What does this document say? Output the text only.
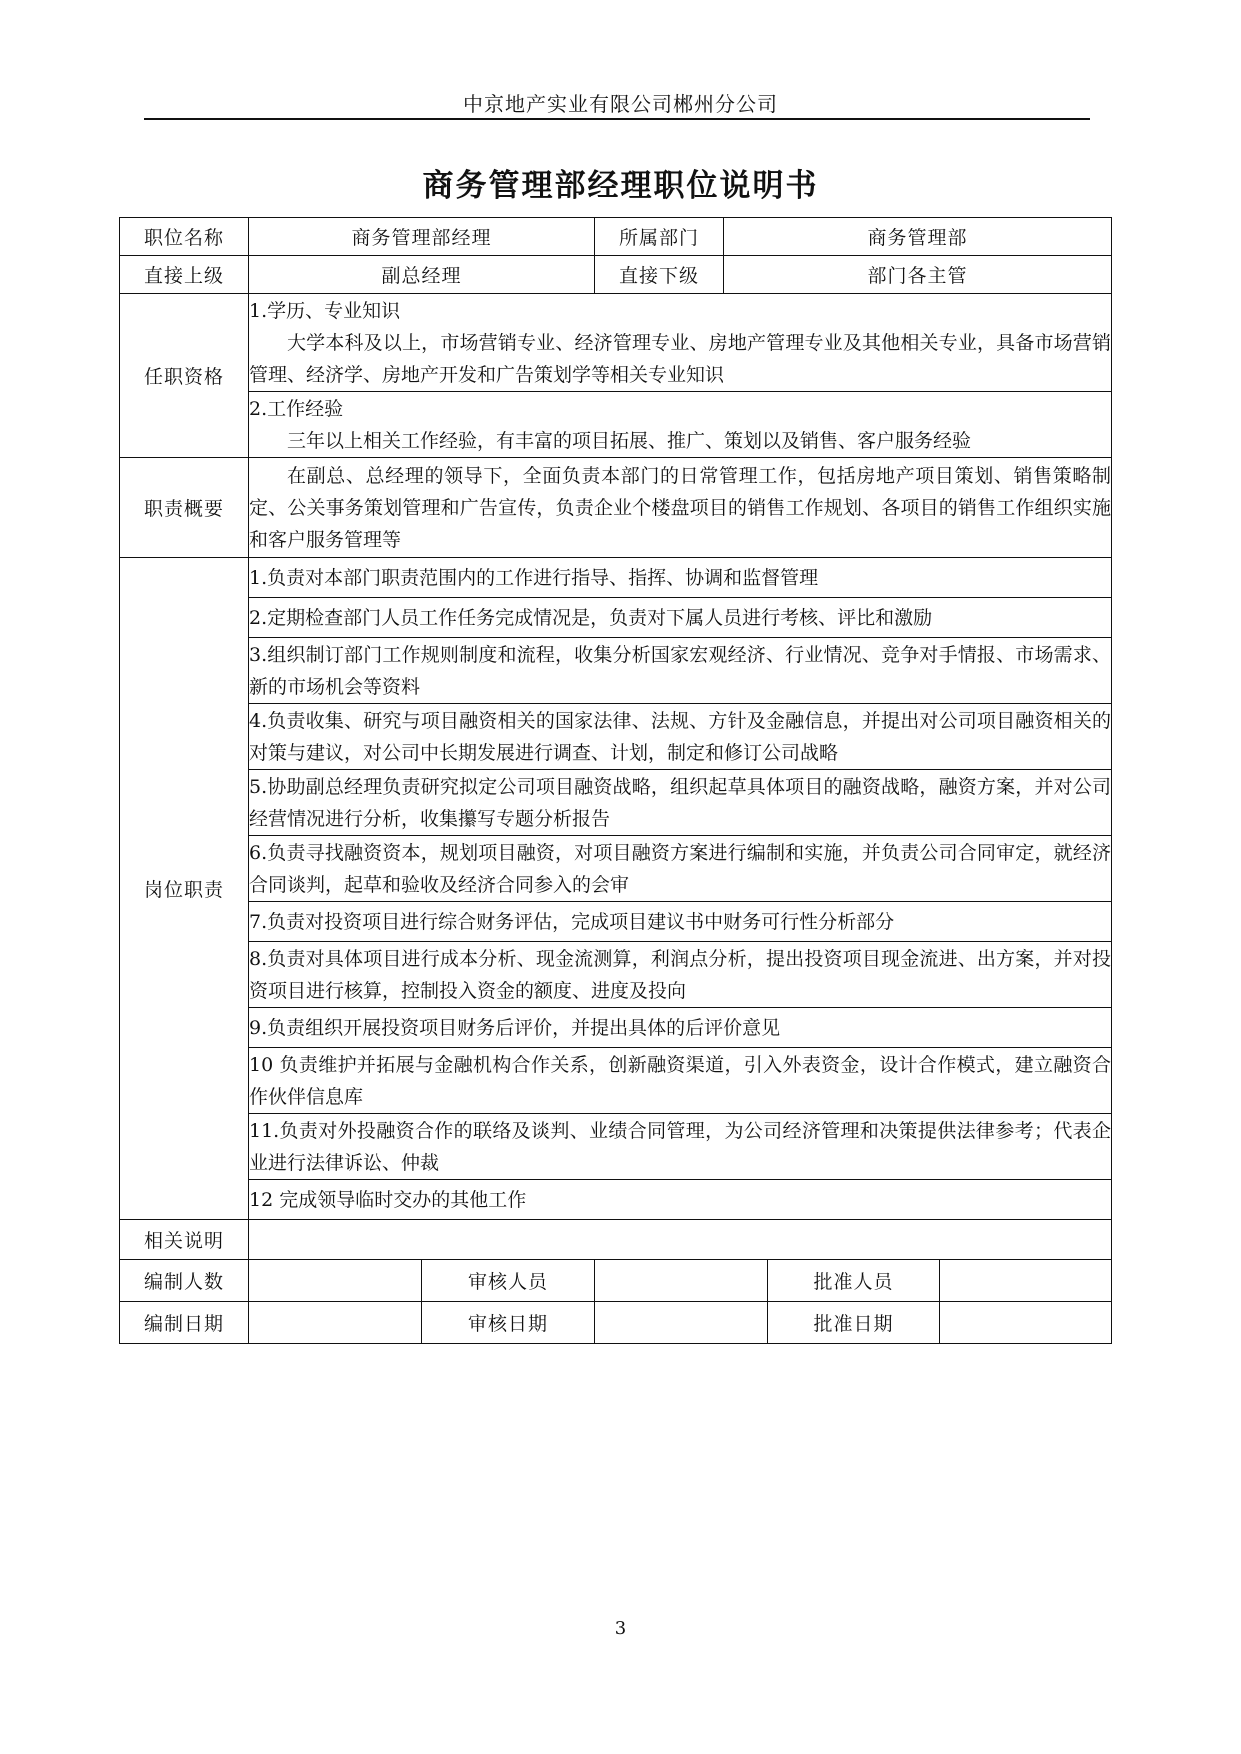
中京地产实业有限公司郴州分公司
商务管理部经理职位说明书
职位名称	商务管理部经理		所属部门	商务管理部		
直接上级	副总经理		直接下级	部门各主管		
任职资格	1.学历、专业知识
大学本科及以上，市场营销专业、经济管理专业、房地产管理专业及其他相关专业，具备市场营销管理、经济学、房地产开发和广告策划学等相关专业知识					

	2.工作经验
三年以上相关工作经验，有丰富的项目拓展、推广、策划以及销售、客户服务经验					

职责概要	在副总、总经理的领导下，全面负责本部门的日常管理工作，包括房地产项目策划、销售策略制定、公关事务策划管理和广告宣传，负责企业个楼盘项目的销售工作规划、各项目的销售工作组织实施和客户服务管理等					

岗位职责	1.负责对本部门职责范围内的工作进行指导、指挥、协调和监督管理					
	2.定期检查部门人员工作任务完成情况是，负责对下属人员进行考核、评比和激励					
	3.组织制订部门工作规则制度和流程，收集分析国家宏观经济、行业情况、竞争对手情报、市场需求、新的市场机会等资料					
	4.负责收集、研究与项目融资相关的国家法律、法规、方针及金融信息，并提出对公司项目融资相关的对策与建议，对公司中长期发展进行调查、计划，制定和修订公司战略					
	5.协助副总经理负责研究拟定公司项目融资战略，组织起草具体项目的融资战略，融资方案，并对公司经营情况进行分析，收集攥写专题分析报告					
	6.负责寻找融资资本，规划项目融资，对项目融资方案进行编制和实施，并负责公司合同审定，就经济合同谈判，起草和验收及经济合同参入的会审					
	7.负责对投资项目进行综合财务评估，完成项目建议书中财务可行性分析部分					
	8.负责对具体项目进行成本分析、现金流测算，利润点分析，提出投资项目现金流进、出方案，并对投资项目进行核算，控制投入资金的额度、进度及投向					
	9.负责组织开展投资项目财务后评价，并提出具体的后评价意见					
	10 负责维护并拓展与金融机构合作关系，创新融资渠道，引入外表资金，设计合作模式，建立融资合作伙伴信息库					
	11.负责对外投融资合作的联络及谈判、业绩合同管理，为公司经济管理和决策提供法律参考；代表企业进行法律诉讼、仲裁					
	12 完成领导临时交办的其他工作					
相关说明						
编制人数		审核人员			批准人员	
编制日期		审核日期			批准日期	
3
